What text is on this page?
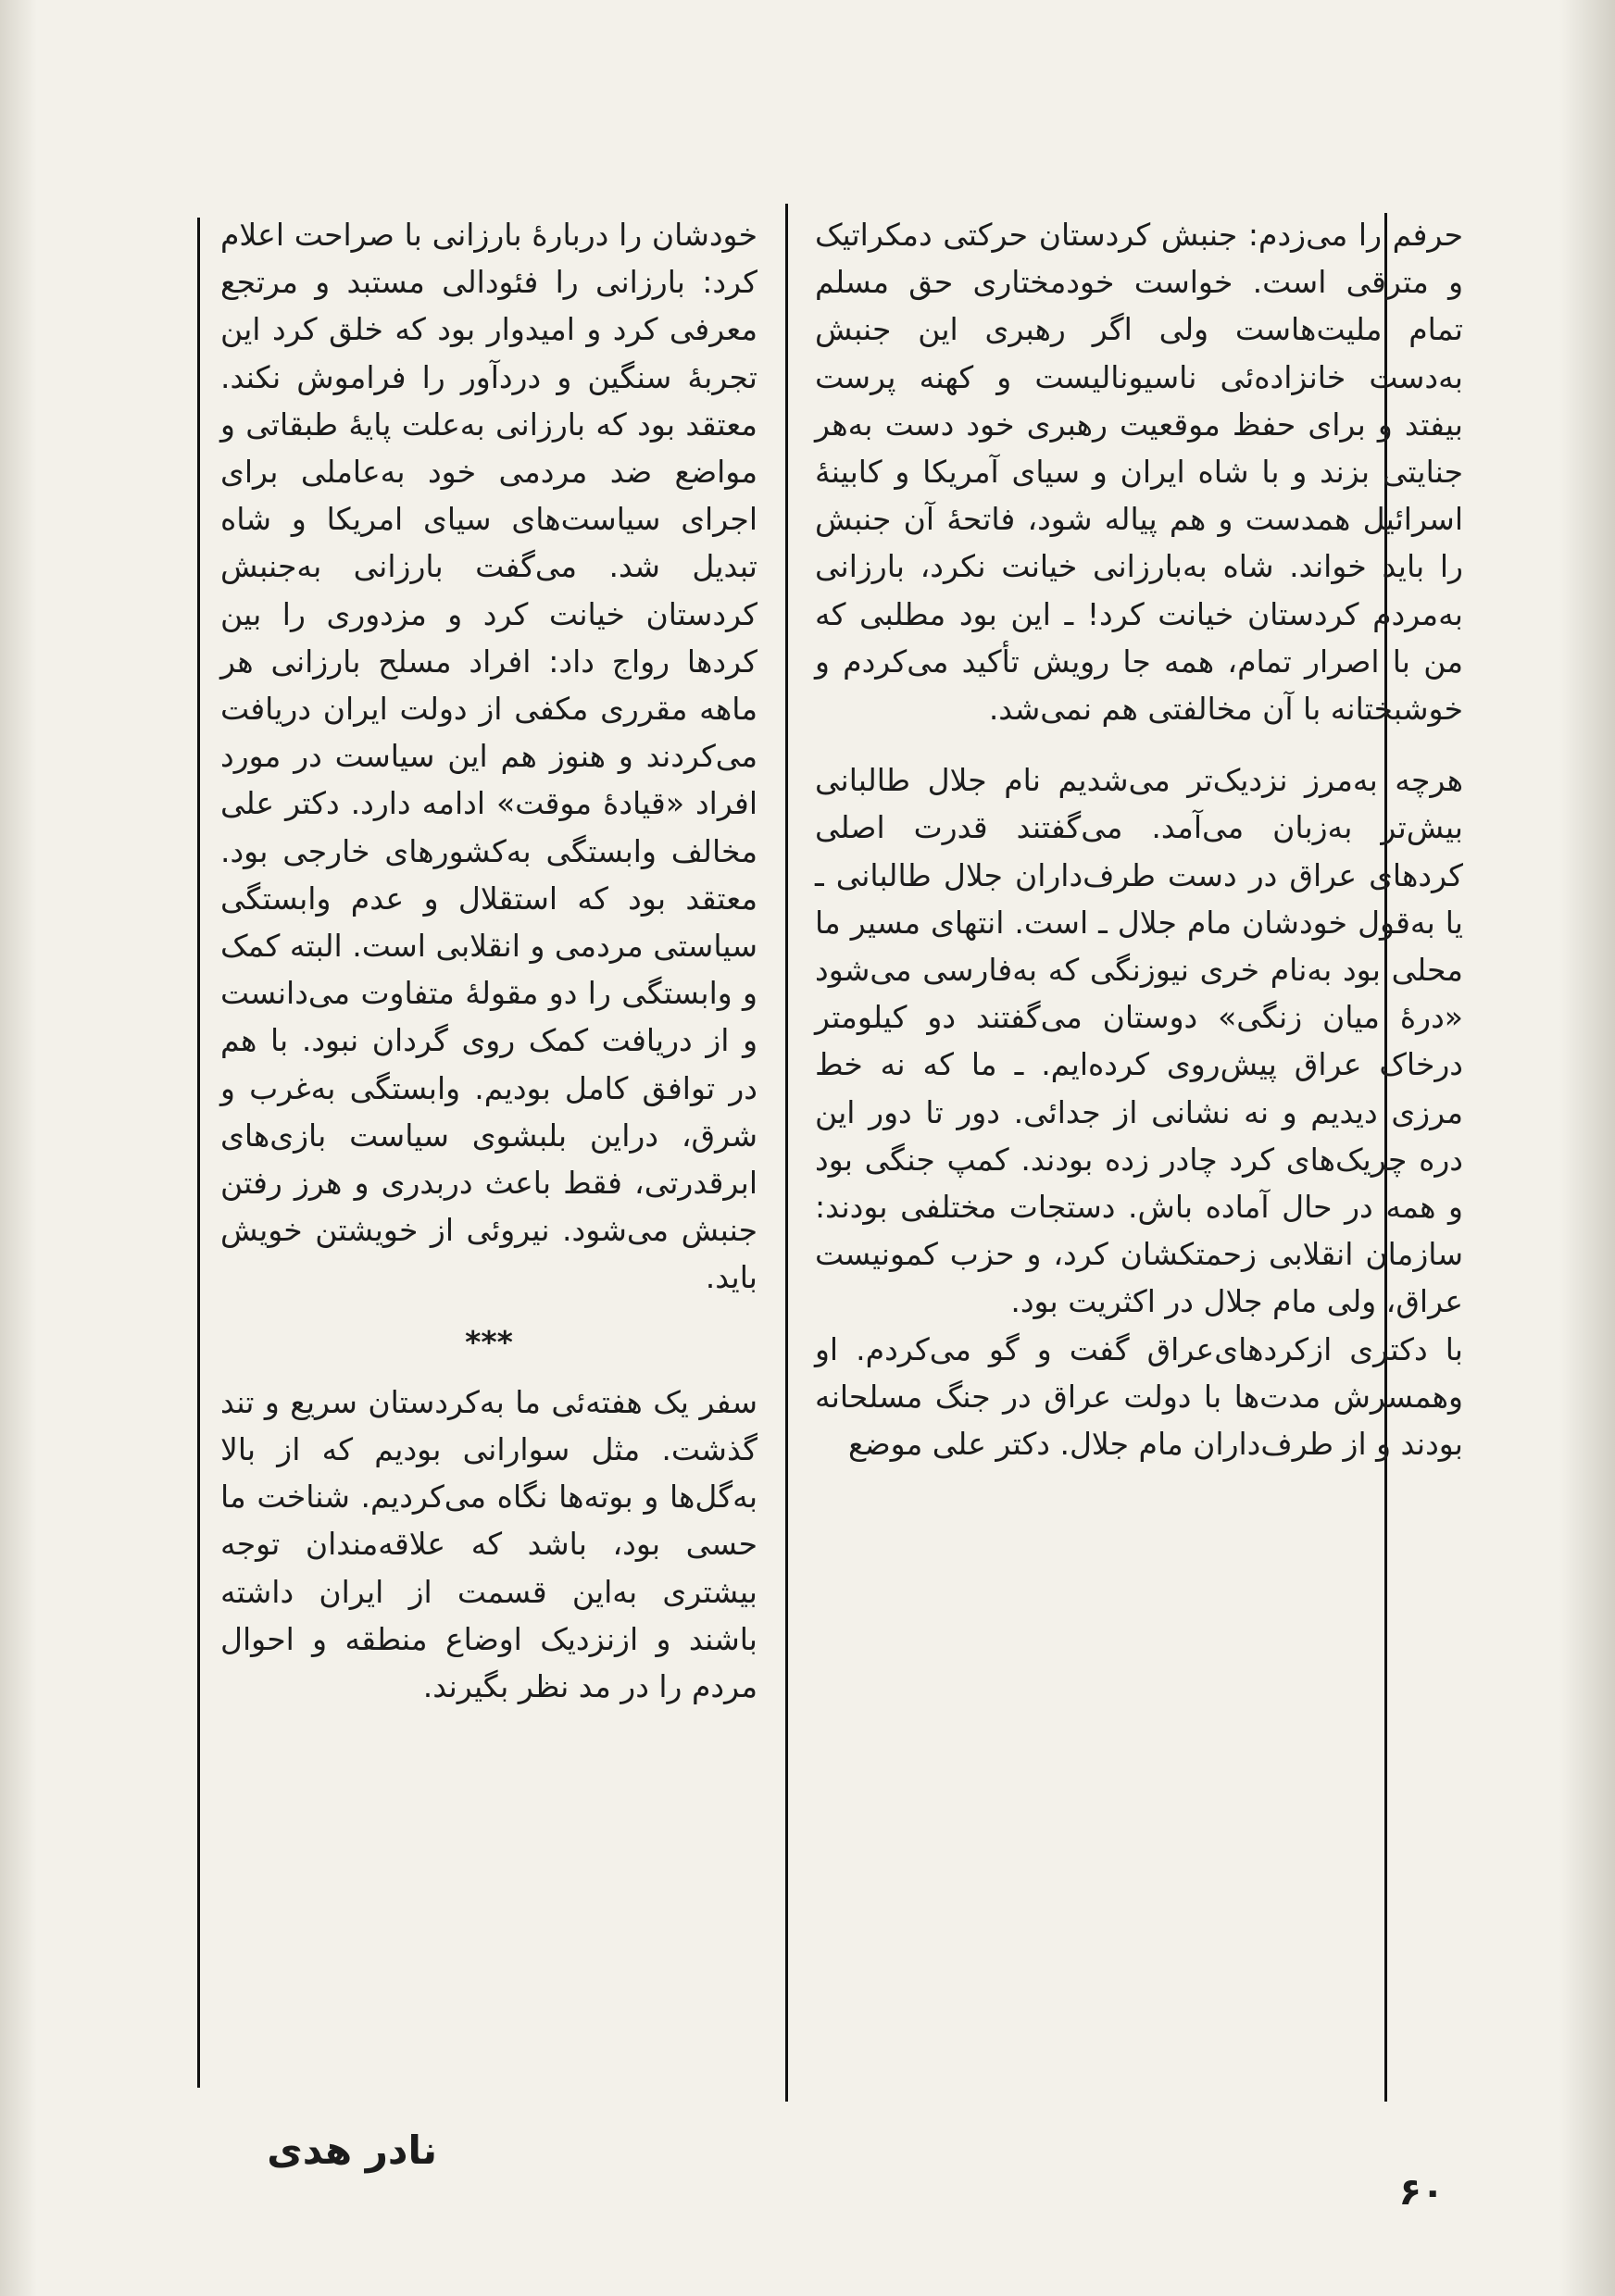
حرفم را می‌زدم: جنبش کردستان حرکتی دمکراتیک و مترقی است. خواست خودمختاری حق مسلم تمام ملیت‌هاست ولی اگر رهبری این جنبش به‌دست خانزاده‌ئی ناسیونالیست و کهنه پرست بیفتد و برای حفظ موقعیت رهبری خود دست به‌هر جنایتی بزند و با شاه ایران و سیای آمریکا و کابینهٔ اسرائیل همدست و هم پیاله شود، فاتحهٔ آن جنبش را باید خواند. شاه به‌بارزانی خیانت نکرد، بارزانی به‌مردم کردستان خیانت کرد! ـ این بود مطلبی که من با اصرار تمام، همه جا رویش تأکید می‌کردم و خوشبختانه با آن مخالفتی هم نمی‌شد.

هرچه به‌مرز نزدیک‌تر می‌شدیم نام جلال طالبانی بیش‌تر به‌زبان می‌آمد. می‌گفتند قدرت اصلی کردهای عراق در دست طرف‌داران جلال طالبانی ـ یا به‌قول خودشان مام جلال ـ است. انتهای مسیر ما محلی بود به‌نام خری نیوزنگی که به‌فارسی می‌شود «درهٔ میان زنگی» دوستان می‌گفتند دو کیلومتر درخاک عراق پیش‌روی کرده‌ایم. ـ ما که نه خط مرزی دیدیم و نه نشانی از جدائی. دور تا دور این دره چریک‌های کرد چادر زده بودند. کمپ جنگی بود و همه در حال آماده باش. دستجات مختلفی بودند: سازمان انقلابی زحمتکشان کرد، و حزب کمونیست عراق، ولی مام جلال در اکثریت بود.

با دکتری ازکردهای‌عراق گفت و گو می‌کردم. او وهمسرش مدت‌ها با دولت عراق در جنگ مسلحانه بودند و از طرف‌داران مام جلال. دکتر علی موضع

خودشان را دربارهٔ بارزانی با صراحت اعلام کرد: بارزانی را فئودالی مستبد و مرتجع معرفی کرد و امیدوار بود که خلق کرد این تجربهٔ سنگین و دردآور را فراموش نکند. معتقد بود که بارزانی به‌علت پایهٔ طبقاتی و مواضع ضد مردمی خود به‌عاملی برای اجرای سیاست‌های سیای امریکا و شاه تبدیل شد. می‌گفت بارزانی به‌جنبش کردستان خیانت کرد و مزدوری را بین کردها رواج داد: افراد مسلح بارزانی هر ماهه مقرری مکفی از دولت ایران دریافت می‌کردند و هنوز هم این سیاست در مورد افراد «قیادهٔ موقت» ادامه دارد. دکتر علی مخالف وابستگی به‌کشورهای خارجی بود. معتقد بود که استقلال و عدم وابستگی سیاستی مردمی و انقلابی است. البته کمک و وابستگی را دو مقولهٔ متفاوت می‌دانست و از دریافت کمک روی گردان نبود. با هم در توافق کامل بودیم. وابستگی به‌غرب و شرق، دراین بلبشوی سیاست بازی‌های ابرقدرتی، فقط باعث دربدری و هرز رفتن جنبش می‌شود. نیروئی از خویشتن خویش باید.

***

سفر یک هفته‌ئی ما به‌کردستان سریع و تند گذشت. مثل سوارانی بودیم که از بالا به‌گل‌ها و بوته‌ها نگاه می‌کردیم. شناخت ما حسی بود، باشد که علاقه‌مندان توجه بیشتری به‌این قسمت از ایران داشته باشند و ازنزدیک اوضاع منطقه و احوال مردم را در مد نظر بگیرند.

نادر هدی
۶۰
